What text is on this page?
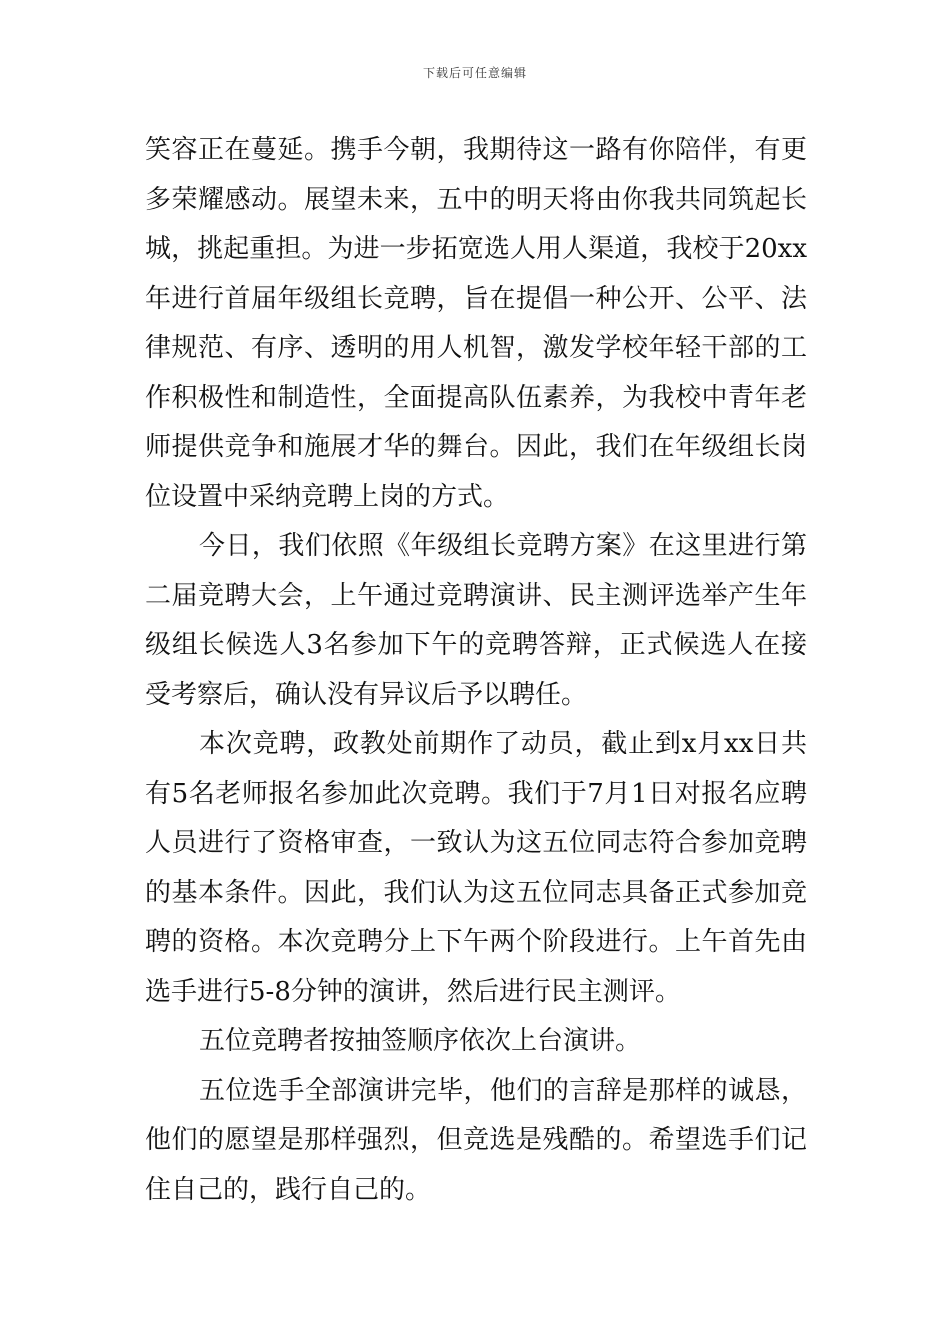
下载后可任意编辑

笑容正在蔓延。携手今朝，我期待这一路有你陪伴，有更多荣耀感动。展望未来，五中的明天将由你我共同筑起长城，挑起重担。为进一步拓宽选人用人渠道，我校于20xx年进行首届年级组长竞聘，旨在提倡一种公开、公平、法律规范、有序、透明的用人机智，激发学校年轻干部的工作积极性和制造性，全面提高队伍素养，为我校中青年老师提供竞争和施展才华的舞台。因此，我们在年级组长岗位设置中采纳竞聘上岗的方式。

今日，我们依照《年级组长竞聘方案》在这里进行第二届竞聘大会，上午通过竞聘演讲、民主测评选举产生年级组长候选人3名参加下午的竞聘答辩，正式候选人在接受考察后，确认没有异议后予以聘任。

本次竞聘，政教处前期作了动员，截止到x月xx日共有5名老师报名参加此次竞聘。我们于7月1日对报名应聘人员进行了资格审查，一致认为这五位同志符合参加竞聘的基本条件。因此，我们认为这五位同志具备正式参加竞聘的资格。本次竞聘分上下午两个阶段进行。上午首先由选手进行5-8分钟的演讲，然后进行民主测评。

五位竞聘者按抽签顺序依次上台演讲。

五位选手全部演讲完毕，他们的言辞是那样的诚恳，他们的愿望是那样强烈，但竞选是残酷的。希望选手们记住自己的，践行自己的。
